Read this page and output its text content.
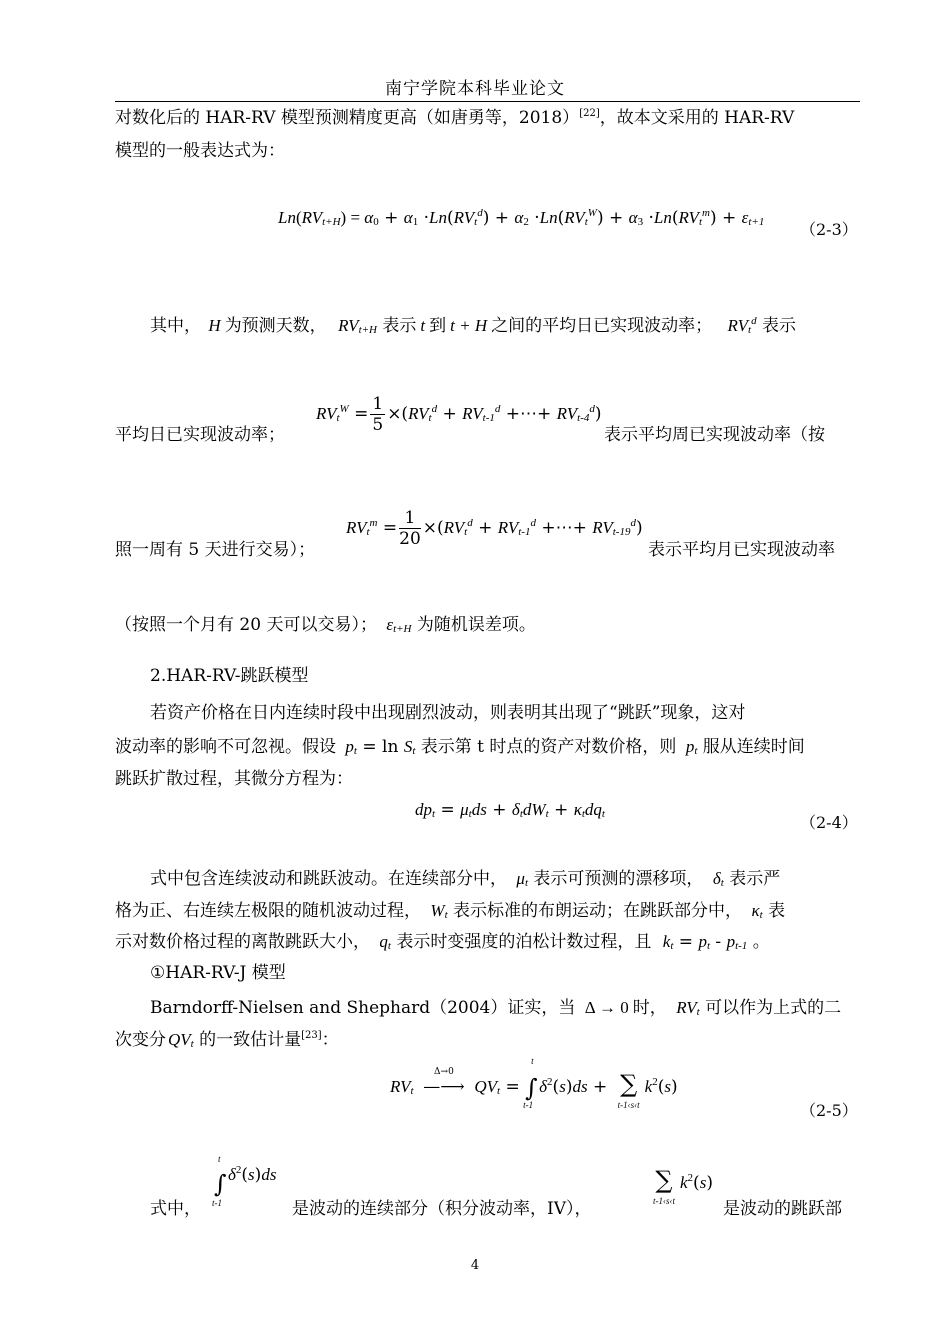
南宁学院本科毕业论文
对数化后的 HAR-RV 模型预测精度更高（如唐勇等，2018）[22]，故本文采用的 HAR-RV
模型的一般表达式为：
$Ln(RV_{t+H}) = \alpha_0 + \alpha_1 \cdot Ln(RV_t^d) + \alpha_2 \cdot Ln(RV_t^W) + \alpha_3 \cdot Ln(RV_t^m) + \varepsilon_{t+1}$ （2-3）
其中， H 为预测天数， $RV_{t+H}$ 表示 t 到 t + H 之间的平均日已实现波动率； $RV_t^d$ 表示
平均日已实现波动率；
$RV_t^W = \frac{1}{5} \times(RV_t^d + RV_{t-1}^d$ +⋯+ $RV_{t-4}^d$)
表示平均周已实现波动率（按
照一周有 5 天进行交易）；
$RV_t^m = \frac{1}{20} \times(RV_t^d + RV_{t-1}^d$ +⋯+ $RV_{t-19}^d$)
表示平均月已实现波动率
（按照一个月有 20 天可以交易）； $\varepsilon_{t+H}$ 为随机误差项。
2.HAR-RV-跳跃模型
若资产价格在日内连续时段中出现剧烈波动，则表明其出现了“跳跃”现象，这对
波动率的影响不可忽视。假设 $p_t = \ln S_t$ 表示第 t 时点的资产对数价格，则 $p_t$ 服从连续时间
跳跃扩散过程，其微分方程为：
$dp_t = \mu_tds + \delta_tdW_t + \kappa_tdq_t$	（2-4）
式中包含连续波动和跳跃波动。在连续部分中， $\mu_t$ 表示可预测的漂移项， $\delta_t$ 表示严
格为正、右连续左极限的随机波动过程， $W_t$ 表示标准的布朗运动；在跳跃部分中， $\kappa_t$ 表
示对数价格过程的离散跳跃大小， $q_t$ 表示时变强度的泊松计数过程，且 $k_t = p_t - p_{t-1}$ 。
①HAR-RV-J 模型
Barndorff-Nielsen and Shephard（2004）证实，当 Δ → 0 时， $RV_t$ 可以作为上式的二
次变分 $QV_t$ 的一致估计量[23]：
$RV_t$
Δ→0
—⟶ $QV_t$ =
t
∫
t-1
$\delta^2(s)ds$ + ∑
t-1‹s‹t
$k^2(s)$
（2-5）
式中，
t
∫
t-1
$\delta^2(s)ds$
是波动的连续部分（积分波动率，IV），
∑
t-1‹s‹t
$k^2(s)$
是波动的跳跃部
4
